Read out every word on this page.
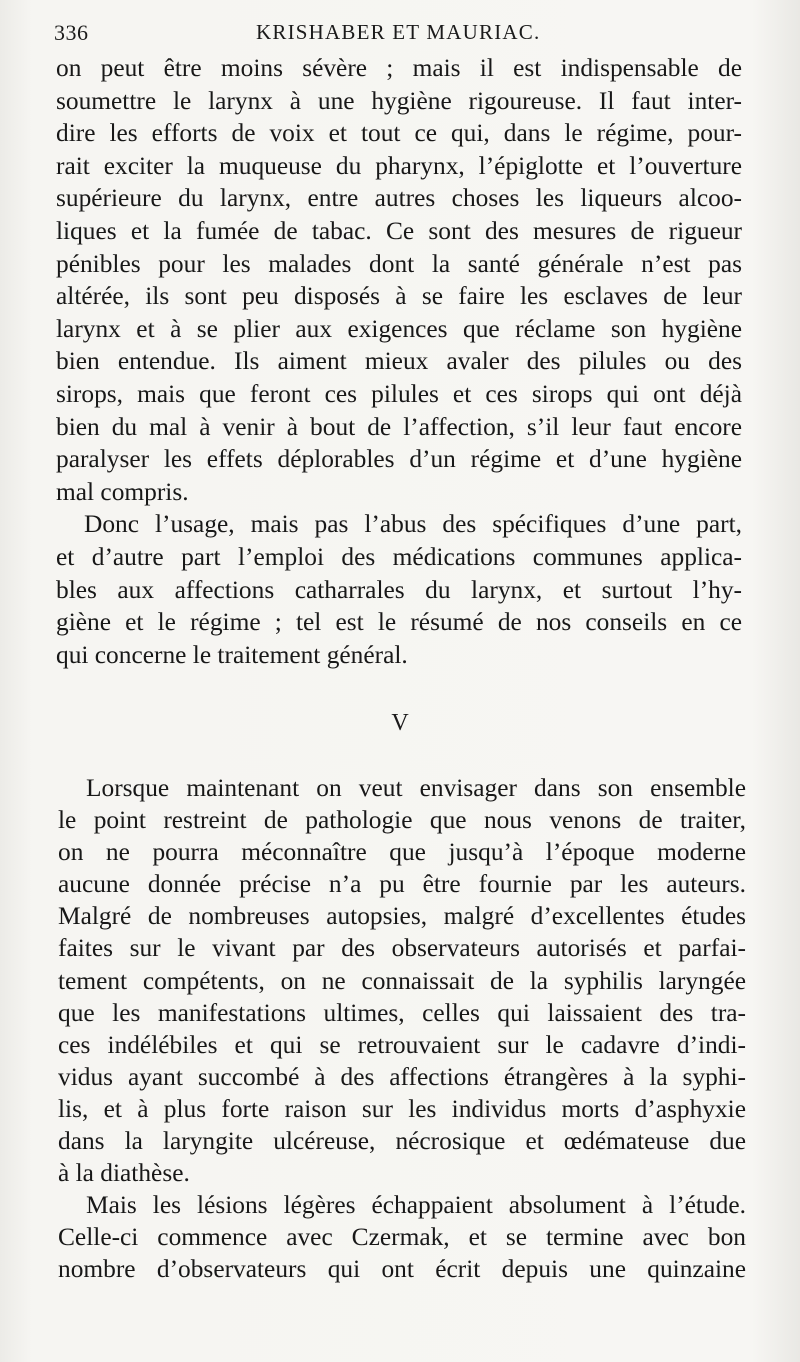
336	KRISHABER ET MAURIAC.
on peut être moins sévère ; mais il est indispensable de
soumettre le larynx à une hygiène rigoureuse. Il faut inter-
dire les efforts de voix et tout ce qui, dans le régime, pour-
rait exciter la muqueuse du pharynx, l’épiglotte et l’ouverture
supérieure du larynx, entre autres choses les liqueurs alcoo-
liques et la fumée de tabac. Ce sont des mesures de rigueur
pénibles pour les malades dont la santé générale n’est pas
altérée, ils sont peu disposés à se faire les esclaves de leur
larynx et à se plier aux exigences que réclame son hygiène
bien entendue. Ils aiment mieux avaler des pilules ou des
sirops, mais que feront ces pilules et ces sirops qui ont déjà
bien du mal à venir à bout de l’affection, s’il leur faut encore
paralyser les effets déplorables d’un régime et d’une hygiène
mal compris.
Donc l’usage, mais pas l’abus des spécifiques d’une part,
et d’autre part l’emploi des médications communes applica-
bles aux affections catharrales du larynx, et surtout l’hy-
giène et le régime ; tel est le résumé de nos conseils en ce
qui concerne le traitement général.
V
Lorsque maintenant on veut envisager dans son ensemble
le point restreint de pathologie que nous venons de traiter,
on ne pourra méconnaître que jusqu’à l’époque moderne
aucune donnée précise n’a pu être fournie par les auteurs.
Malgré de nombreuses autopsies, malgré d’excellentes études
faites sur le vivant par des observateurs autorisés et parfai-
tement compétents, on ne connaissait de la syphilis laryngée
que les manifestations ultimes, celles qui laissaient des tra-
ces indélébiles et qui se retrouvaient sur le cadavre d’indi-
vidus ayant succombé à des affections étrangères à la syphi-
lis, et à plus forte raison sur les individus morts d’asphyxie
dans la laryngite ulcéreuse, nécrosique et œdémateuse due
à la diathèse.
Mais les lésions légères échappaient absolument à l’étude.
Celle-ci commence avec Czermak, et se termine avec bon
nombre d’observateurs qui ont écrit depuis une quinzaine
